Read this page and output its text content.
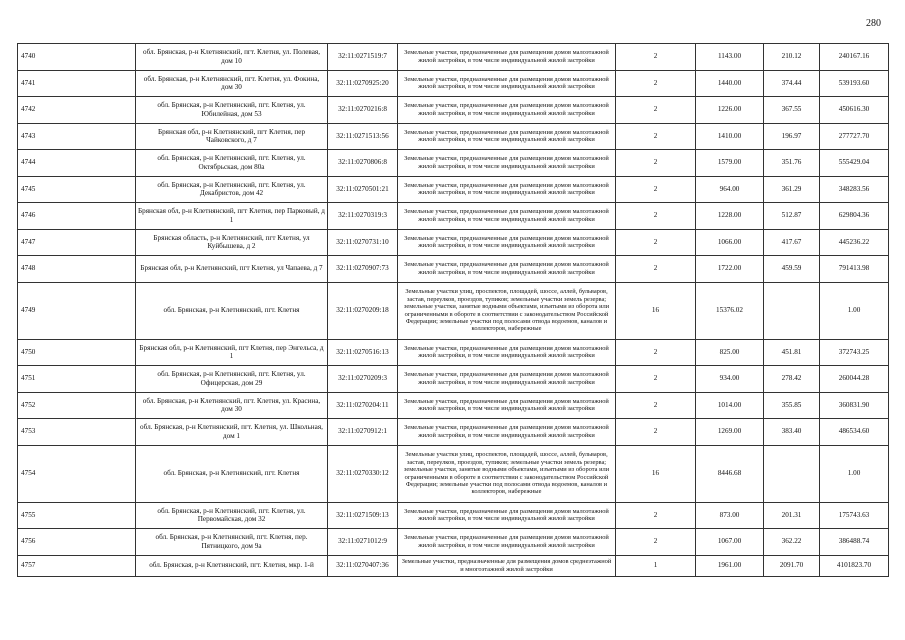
280
4740	обл. Брянская, р-н Клетнянский, пгт. Клетня, ул. Полевая, дом 10	32:11:0271519:7	Земельные участки, предназначенные для размещения домов малоэтажной жилой застройки, в том числе индивидуальной жилой застройки	2	1143.00	210.12	240167.16
4741	обл. Брянская, р-н Клетнянский, пгт. Клетня, ул. Фокина, дом 30	32:11:0270925:20	Земельные участки, предназначенные для размещения домов малоэтажной жилой застройки, в том числе индивидуальной жилой застройки	2	1440.00	374.44	539193.60
4742	обл. Брянская, р-н Клетнянский, пгт. Клетня, ул. Юбилейная, дом 53	32:11:0270216:8	Земельные участки, предназначенные для размещения домов малоэтажной жилой застройки, в том числе индивидуальной жилой застройки	2	1226.00	367.55	450616.30
4743	Брянская обл, р-н Клетнянский, пгт Клетня, пер Чайковского, д 7	32:11:0271513:56	Земельные участки, предназначенные для размещения домов малоэтажной жилой застройки, в том числе индивидуальной жилой застройки	2	1410.00	196.97	277727.70
4744	обл. Брянская, р-н Клетнянский, пгт. Клетня, ул. Октябрьская, дом 80а	32:11:0270806:8	Земельные участки, предназначенные для размещения домов малоэтажной жилой застройки, в том числе индивидуальной жилой застройки	2	1579.00	351.76	555429.04
4745	обл. Брянская, р-н Клетнянский, пгт. Клетня, ул. Декабристов, дом 42	32:11:0270501:21	Земельные участки, предназначенные для размещения домов малоэтажной жилой застройки, в том числе индивидуальной жилой застройки	2	964.00	361.29	348283.56
4746	Брянская обл, р-н Клетнянский, пгт Клетня, пер Парковый, д 1	32:11:0270319:3	Земельные участки, предназначенные для размещения домов малоэтажной жилой застройки, в том числе индивидуальной жилой застройки	2	1228.00	512.87	629804.36
4747	Брянская область, р-н Клетнянский, пгт Клетня, ул Куйбышева, д 2	32:11:0270731:10	Земельные участки, предназначенные для размещения домов малоэтажной жилой застройки, в том числе индивидуальной жилой застройки	2	1066.00	417.67	445236.22
4748	Брянская обл, р-н Клетнянский, пгт Клетня, ул Чапаева, д 7	32:11:0270907:73	Земельные участки, предназначенные для размещения домов малоэтажной жилой застройки, в том числе индивидуальной жилой застройки	2	1722.00	459.59	791413.98
4749	обл. Брянская, р-н Клетнянский, пгт. Клетня	32:11:0270209:18	Земельные участки улиц, проспектов, площадей, шоссе, аллей, бульваров, застав, переулков, проездов, тупиков; земельные участки земель резерва; земельные участки, занятые водными объектами, изъятыми из оборота или ограниченными в обороте в соответствии с законодательством Российской Федерации; земельные участки под полосами отвода водоемов, каналов и коллекторов, набережные	16	15376.02		1.00
4750	Брянская обл, р-н Клетнянский, пгт Клетня, пер Энгельса, д 1	32:11:0270516:13	Земельные участки, предназначенные для размещения домов малоэтажной жилой застройки, в том числе индивидуальной жилой застройки	2	825.00	451.81	372743.25
4751	обл. Брянская, р-н Клетнянский, пгт. Клетня, ул. Офицерская, дом 29	32:11:0270209:3	Земельные участки, предназначенные для размещения домов малоэтажной жилой застройки, в том числе индивидуальной жилой застройки	2	934.00	278.42	260044.28
4752	обл. Брянская, р-н Клетнянский, пгт. Клетня, ул. Красина, дом 30	32:11:0270204:11	Земельные участки, предназначенные для размещения домов малоэтажной жилой застройки, в том числе индивидуальной жилой застройки	2	1014.00	355.85	360831.90
4753	обл. Брянская, р-н Клетнянский, пгт. Клетня, ул. Школьная, дом 1	32:11:0270912:1	Земельные участки, предназначенные для размещения домов малоэтажной жилой застройки, в том числе индивидуальной жилой застройки	2	1269.00	383.40	486534.60
4754	обл. Брянская, р-н Клетнянский, пгт. Клетня	32:11:0270330:12	Земельные участки улиц, проспектов, площадей, шоссе, аллей, бульваров, застав, переулков, проездов, тупиков; земельные участки земель резерва; земельные участки, занятые водными объектами, изъятыми из оборота или ограниченными в обороте в соответствии с законодательством Российской Федерации; земельные участки под полосами отвода водоемов, каналов и коллекторов, набережные	16	8446.68		1.00
4755	обл. Брянская, р-н Клетнянский, пгт. Клетня, ул. Первомайская, дом 32	32:11:0271509:13	Земельные участки, предназначенные для размещения домов малоэтажной жилой застройки, в том числе индивидуальной жилой застройки	2	873.00	201.31	175743.63
4756	обл. Брянская, р-н Клетнянский, пгт. Клетня, пер. Пятницкого, дом 9а	32:11:0271012:9	Земельные участки, предназначенные для размещения домов малоэтажной жилой застройки, в том числе индивидуальной жилой застройки	2	1067.00	362.22	386488.74
4757	обл. Брянская, р-н Клетнянский, пгт. Клетня, мкр. 1-й	32:11:0270407:36	Земельные участки, предназначенные для размещения домов среднеэтажной и многоэтажной жилой застройки	1	1961.00	2091.70	4101823.70
